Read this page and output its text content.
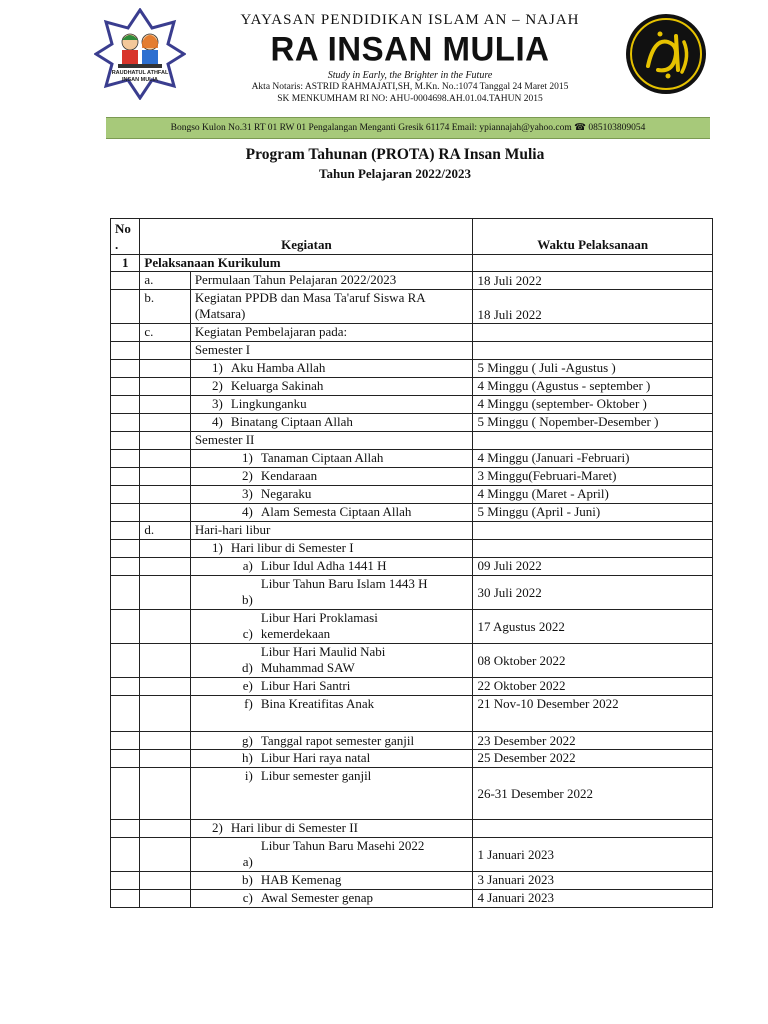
RAUDHATUL ATHFAL
INSAN MULIA
YAYASAN PENDIDIKAN ISLAM AN – NAJAH
RA INSAN MULIA
Study in Early, the Brighter in the Future
Akta Notaris: ASTRID RAHMAJATI,SH, M.Kn. No.:1074 Tanggal 24 Maret 2015
SK MENKUMHAM RI NO: AHU-0004698.AH.01.04.TAHUN 2015
Bongso Kulon No.31 RT 01 RW 01 Pengalangan Menganti Gresik 61174 Email: ypiannajah@yahoo.com ☎ 085103809054
Program Tahunan (PROTA) RA Insan Mulia
Tahun Pelajaran 2022/2023
No
.	Kegiatan		Waktu Pelaksanaan
1	Pelaksanaan Kurikulum		
	a.	Permulaan Tahun Pelajaran 2022/2023	18 Juli 2022
	b.	Kegiatan PPDB dan Masa Ta'aruf Siswa RA (Matsara)	18 Juli 2022
	c.	Kegiatan Pembelajaran pada:	
		Semester I	
		1) Aku Hamba Allah	5 Minggu ( Juli -Agustus )
		2) Keluarga Sakinah	4 Minggu (Agustus - september )
		3) Lingkunganku	4 Minggu (september- Oktober )
		4) Binatang Ciptaan Allah	5 Minggu ( Nopember-Desember )
		Semester II	
		1) Tanaman Ciptaan Allah	4 Minggu (Januari -Februari)
		2) Kendaraan	3 Minggu(Februari-Maret)
		3) Negaraku	4 Minggu (Maret - April)
		4) Alam Semesta Ciptaan Allah	5 Minggu (April - Juni)
	d.	Hari-hari libur	
		1) Hari libur di Semester I	
		a) Libur Idul Adha 1441 H	09 Juli 2022
		b)Libur Tahun Baru Islam 1443 H	30 Juli 2022
		c)Libur Hari Proklamasi kemerdekaan	17 Agustus 2022
		d)Libur Hari Maulid Nabi Muhammad SAW	08 Oktober 2022
		e) Libur Hari Santri	22 Oktober 2022
		f) Bina Kreatifitas Anak	21 Nov-10 Desember 2022
		g) Tanggal rapot semester ganjil	23 Desember 2022
		h) Libur Hari raya natal	25 Desember 2022
		i) Libur semester ganjil	26-31 Desember 2022
		2) Hari libur di Semester II	
		a)Libur Tahun Baru Masehi 2022	1 Januari 2023
		b) HAB Kemenag	3 Januari 2023
		c) Awal Semester genap	4 Januari 2023
